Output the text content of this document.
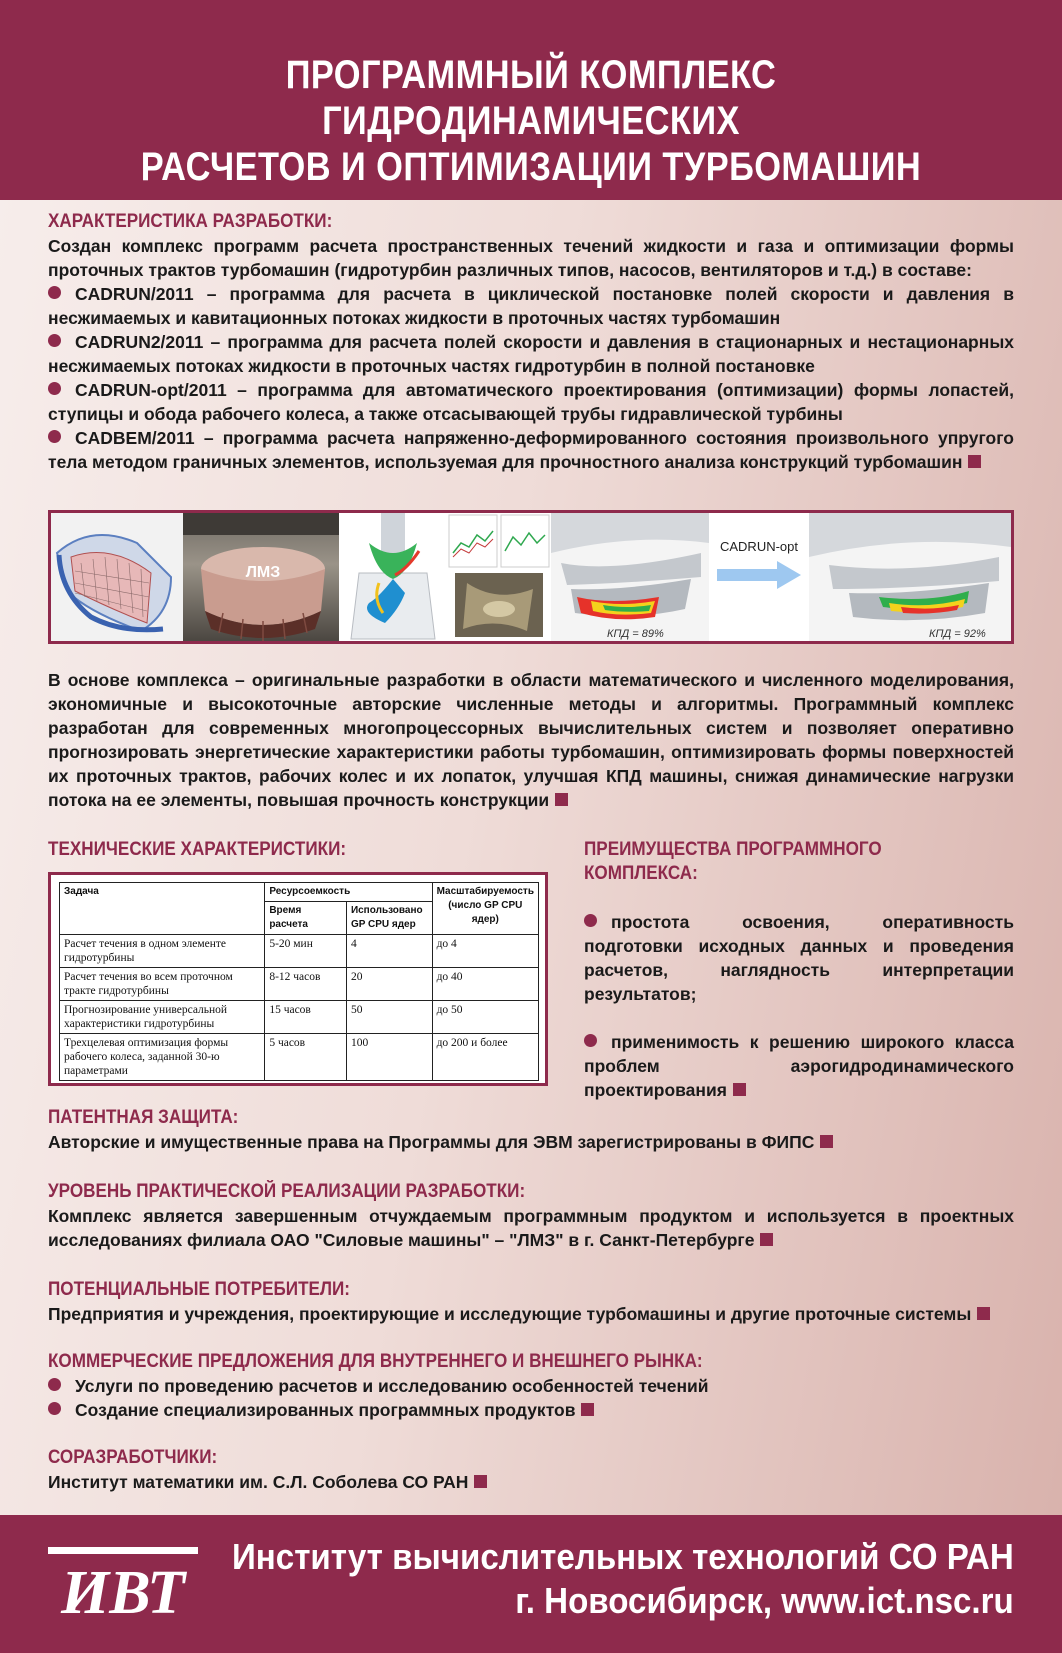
ПРОГРАММНЫЙ КОМПЛЕКС ГИДРОДИНАМИЧЕСКИХ
РАСЧЕТОВ И ОПТИМИЗАЦИИ ТУРБОМАШИН
ХАРАКТЕРИСТИКА РАЗРАБОТКИ:
Создан комплекс программ расчета пространственных течений жидкости и газа и оптимизации формы проточных трактов турбомашин (гидротурбин различных типов, насосов, вентиляторов и т.д.) в составе:
CADRUN/2011 – программа для расчета в циклической постановке полей скорости и давления в несжимаемых и кавитационных потоках жидкости в проточных частях турбомашин
CADRUN2/2011 – программа для расчета полей скорости и давления в стационарных и нестационарных несжимаемых потоках жидкости в проточных частях гидротурбин в полной постановке
CADRUN-opt/2011 – программа для автоматического проектирования (оптимизации) формы лопастей, ступицы и обода рабочего колеса, а также отсасывающей трубы гидравлической турбины
CADBEM/2011 – программа расчета напряженно-деформированного состояния произвольного упругого тела методом граничных элементов, используемая для прочностного анализа конструкций турбомашин
ЛМЗ
КПД = 89%
CADRUN-opt
КПД = 92%
В основе комплекса – оригинальные разработки в области математического и численного моделирования, экономичные и высокоточные авторские численные методы и алгоритмы. Программный комплекс разработан для современных многопроцессорных вычислительных систем и позволяет оперативно прогнозировать энергетические характеристики работы турбомашин, оптимизировать формы поверхностей их проточных трактов, рабочих колес и их лопаток, улучшая КПД машины, снижая динамические нагрузки потока на ее элементы, повышая прочность конструкции
ТЕХНИЧЕСКИЕ ХАРАКТЕРИСТИКИ:
Задача	Ресурсоемкость		Масштабируемость (число GP CPU ядер)
	Время расчета	Использовано GP CPU ядер	
Расчет течения в одном элементе гидротурбины	5-20 мин	4	до 4
Расчет течения во всем проточном тракте гидротурбины	8-12 часов	20	до 40
Прогнозирование универсальной характеристики гидротурбины	15 часов	50	до 50
Трехцелевая оптимизация формы рабочего колеса, заданной 30-ю параметрами	5 часов	100	до 200 и более
ПРЕИМУЩЕСТВА ПРОГРАММНОГО
КОМПЛЕКСА:
простота освоения, оперативность подготовки исходных данных и проведения расчетов, наглядность интерпретации результатов;
применимость к решению широкого класса проблем аэрогидродинамического проектирования
ПАТЕНТНАЯ ЗАЩИТА:
Авторские и имущественные права на Программы для ЭВМ зарегистрированы в ФИПС
УРОВЕНЬ ПРАКТИЧЕСКОЙ РЕАЛИЗАЦИИ РАЗРАБОТКИ:
Комплекс является завершенным отчуждаемым программным продуктом и используется в проектных исследованиях филиала ОАО "Силовые машины" – "ЛМЗ" в г. Санкт-Петербурге
ПОТЕНЦИАЛЬНЫЕ ПОТРЕБИТЕЛИ:
Предприятия и учреждения, проектирующие и исследующие турбомашины и другие проточные системы
КОММЕРЧЕСКИЕ ПРЕДЛОЖЕНИЯ ДЛЯ ВНУТРЕННЕГО И ВНЕШНЕГО РЫНКА:
Услуги по проведению расчетов и исследованию особенностей течений
Создание специализированных программных продуктов
СОРАЗРАБОТЧИКИ:
Институт математики им. С.Л. Соболева СО РАН
ИВТ
Институт вычислительных технологий СО РАН
г. Новосибирск, www.ict.nsc.ru
